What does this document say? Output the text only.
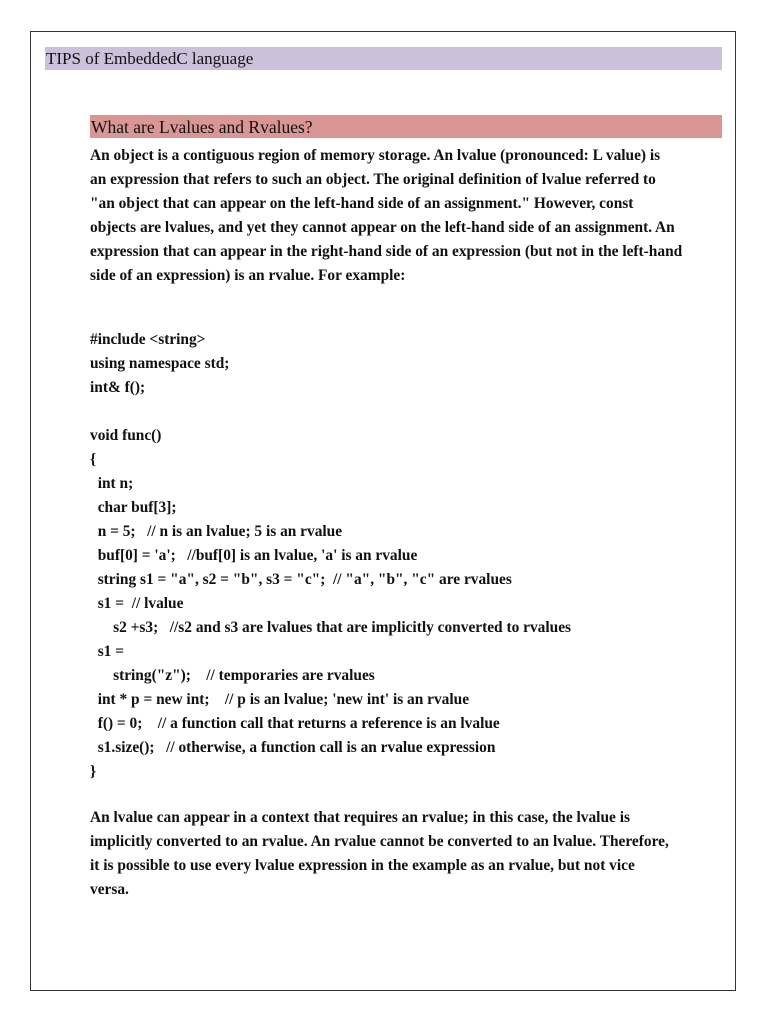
TIPS of EmbeddedC language
What are Lvalues and Rvalues?

An object is a contiguous region of memory storage. An lvalue (pronounced: L value) is
an expression that refers to such an object. The original definition of lvalue referred to
"an object that can appear on the left-hand side of an assignment." However, const
objects are lvalues, and yet they cannot appear on the left-hand side of an assignment. An
expression that can appear in the right-hand side of an expression (but not in the left-hand
side of an expression) is an rvalue. For example:

#include <string>
using namespace std;
int& f();
void func()
{
int n;
char buf[3];
n = 5;   // n is an lvalue; 5 is an rvalue
buf[0] = 'a';   //buf[0] is an lvalue, 'a' is an rvalue
string s1 = "a", s2 = "b", s3 = "c";  // "a", "b", "c" are rvalues
s1 =  // lvalue
s2 +s3;   //s2 and s3 are lvalues that are implicitly converted to rvalues
s1 =
string("z");    // temporaries are rvalues
int * p = new int;    // p is an lvalue; 'new int' is an rvalue
f() = 0;    // a function call that returns a reference is an lvalue
s1.size();   // otherwise, a function call is an rvalue expression
}

An lvalue can appear in a context that requires an rvalue; in this case, the lvalue is
implicitly converted to an rvalue. An rvalue cannot be converted to an lvalue. Therefore,
it is possible to use every lvalue expression in the example as an rvalue, but not vice
versa.
